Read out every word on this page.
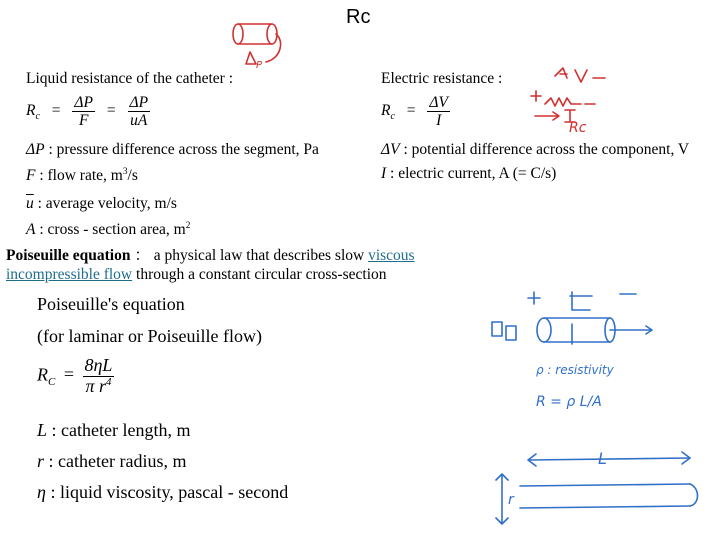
Rc
P
Liquid resistance of the catheter :
$R_c = \frac{\Delta P}{F} = \frac{\Delta P}{uA}$
ΔP : pressure difference across the segment, Pa
F : flow rate, $m^3/s$
$\overline{u}$ : average velocity, m/s
A : cross - section area, $m^2$
Electric resistance :
$R_c = \frac{\Delta V}{I}$
ΔV : potential difference across the component, V
I : electric current, A (= C/s)
Rc
Poiseuille equation ： a physical law that describes slow viscous
incompressible flow through a constant circular cross-section
Poiseuille's equation
(for laminar or Poiseuille flow)
$R_C = \frac{8\eta L}{\pi r^4}$
L : catheter length, m
r : catheter radius, m
η : liquid viscosity, pascal - second
ρ : resistivity
R = ρ L/A
L
r
